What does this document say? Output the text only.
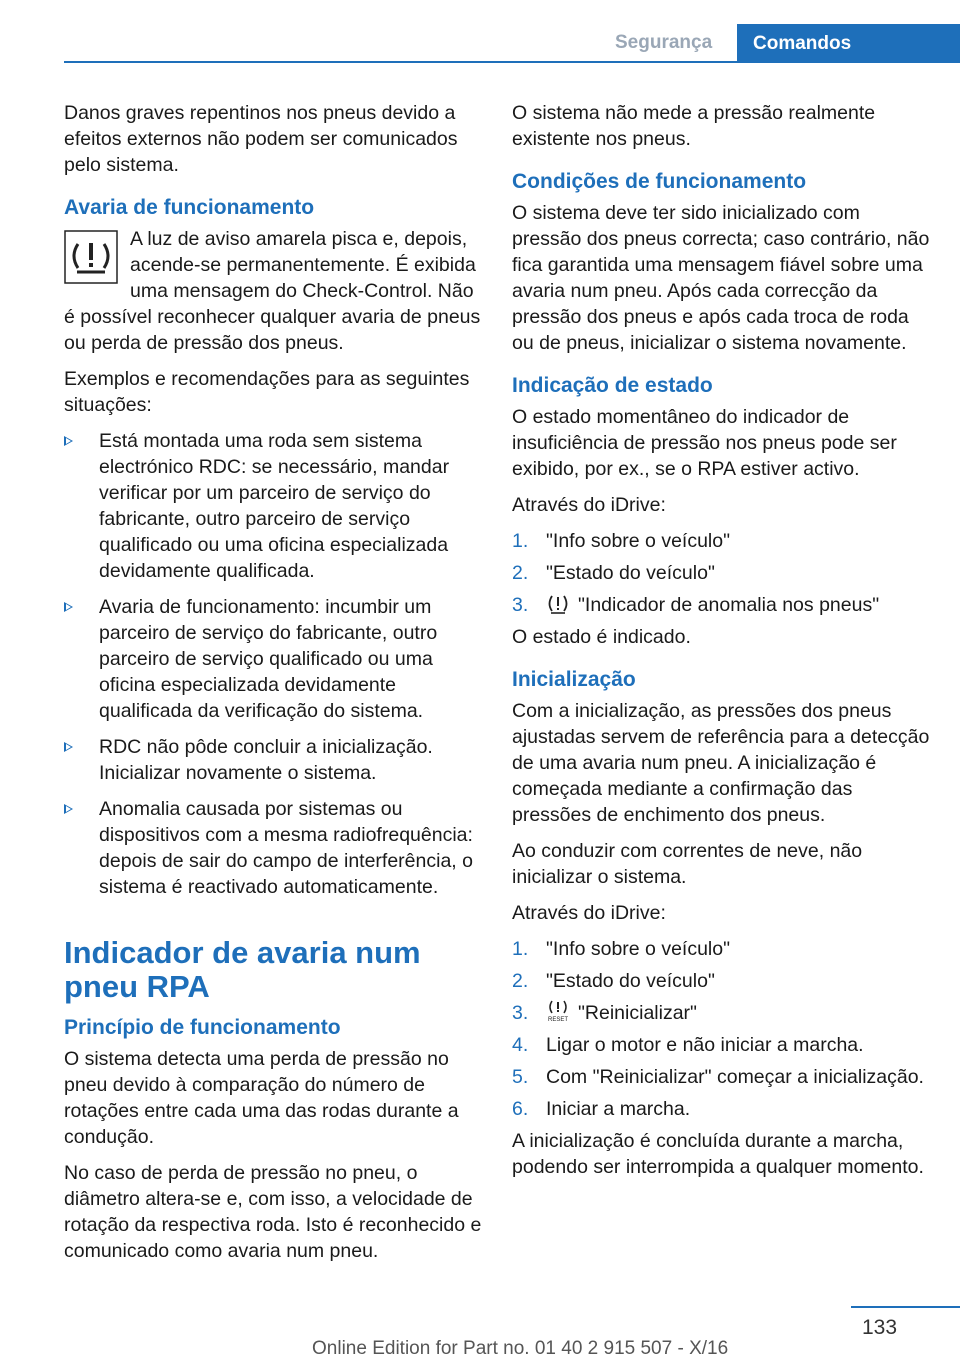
Segurança	Comandos

Danos graves repentinos nos pneus devido a efeitos externos não podem ser comunicados pelo sistema.

Avaria de funcionamento

A luz de aviso amarela pisca e, depois, acende-se permanentemente. É exibida uma mensagem do Check-Control. Não é possível reconhecer qualquer avaria de pneus ou perda de pressão dos pneus.

Exemplos e recomendações para as seguintes situações:

Está montada uma roda sem sistema electrónico RDC: se necessário, mandar verificar por um parceiro de serviço do fabricante, outro parceiro de serviço qualificado ou uma oficina especializada devidamente qualificada.
Avaria de funcionamento: incumbir um parceiro de serviço do fabricante, outro parceiro de serviço qualificado ou uma oficina especializada devidamente qualificada da verificação do sistema.
RDC não pôde concluir a inicialização. Inicializar novamente o sistema.
Anomalia causada por sistemas ou dispositivos com a mesma radiofrequência: depois de sair do campo de interferência, o sistema é reactivado automaticamente.
Indicador de avaria num pneu RPA
Princípio de funcionamento

O sistema detecta uma perda de pressão no pneu devido à comparação do número de rotações entre cada uma das rodas durante a condução.

No caso de perda de pressão no pneu, o diâmetro altera-se e, com isso, a velocidade de rotação da respectiva roda. Isto é reconhecido e comunicado como avaria num pneu.

O sistema não mede a pressão realmente existente nos pneus.

Condições de funcionamento

O sistema deve ter sido inicializado com pressão dos pneus correcta; caso contrário, não fica garantida uma mensagem fiável sobre uma avaria num pneu. Após cada correcção da pressão dos pneus e após cada troca de roda ou de pneus, inicializar o sistema novamente.

Indicação de estado

O estado momentâneo do indicador de insuficiência de pressão nos pneus pode ser exibido, por ex., se o RPA estiver activo.

Através do iDrive:

1. "Info sobre o veículo"
2. "Estado do veículo"
3.	"Indicador de anomalia nos pneus"

O estado é indicado.

Inicialização

Com a inicialização, as pressões dos pneus ajustadas servem de referência para a detecção de uma avaria num pneu. A inicialização é começada mediante a confirmação das pressões de enchimento dos pneus.

Ao conduzir com correntes de neve, não inicializar o sistema.

Através do iDrive:

1. "Info sobre o veículo"
2. "Estado do veículo"
3.	RESET "Reinicializar"
4. Ligar o motor e não iniciar a marcha.
5. Com "Reinicializar" começar a inicialização.
6. Iniciar a marcha.

A inicialização é concluída durante a marcha, podendo ser interrompida a qualquer momento.

133
Online Edition for Part no. 01 40 2 915 507 - X/16
